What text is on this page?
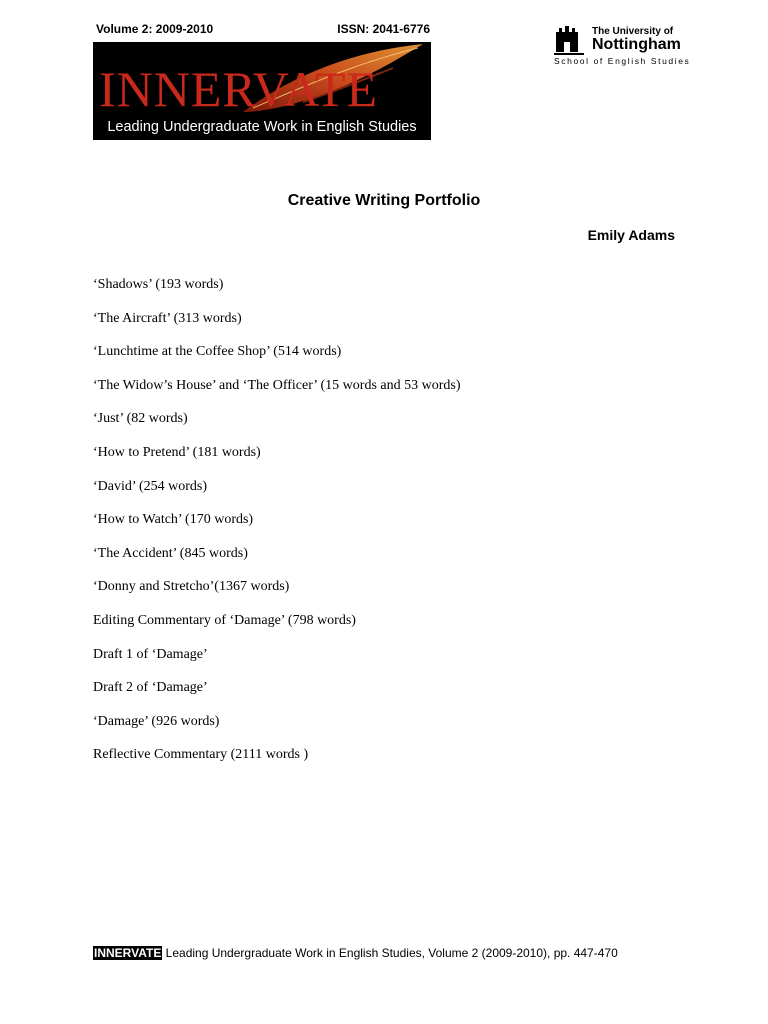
Volume 2: 2009-2010	ISSN: 2041-6776
INNERVATE
Leading Undergraduate Work in English Studies
The University of
Nottingham
School of English Studies
Creative Writing Portfolio
Emily Adams
‘Shadows’ (193 words)
‘The Aircraft’ (313 words)
‘Lunchtime at the Coffee Shop’ (514 words)
‘The Widow’s House’ and ‘The Officer’ (15 words and 53 words)
‘Just’ (82 words)
‘How to Pretend’ (181 words)
‘David’ (254 words)
‘How to Watch’ (170 words)
‘The Accident’ (845 words)
‘Donny and Stretcho’(1367 words)
Editing Commentary of ‘Damage’ (798 words)
Draft 1 of ‘Damage’
Draft 2 of ‘Damage’
‘Damage’ (926 words)
Reflective Commentary (2111 words )
INNERVATE Leading Undergraduate Work in English Studies, Volume 2 (2009-2010), pp. 447-470
